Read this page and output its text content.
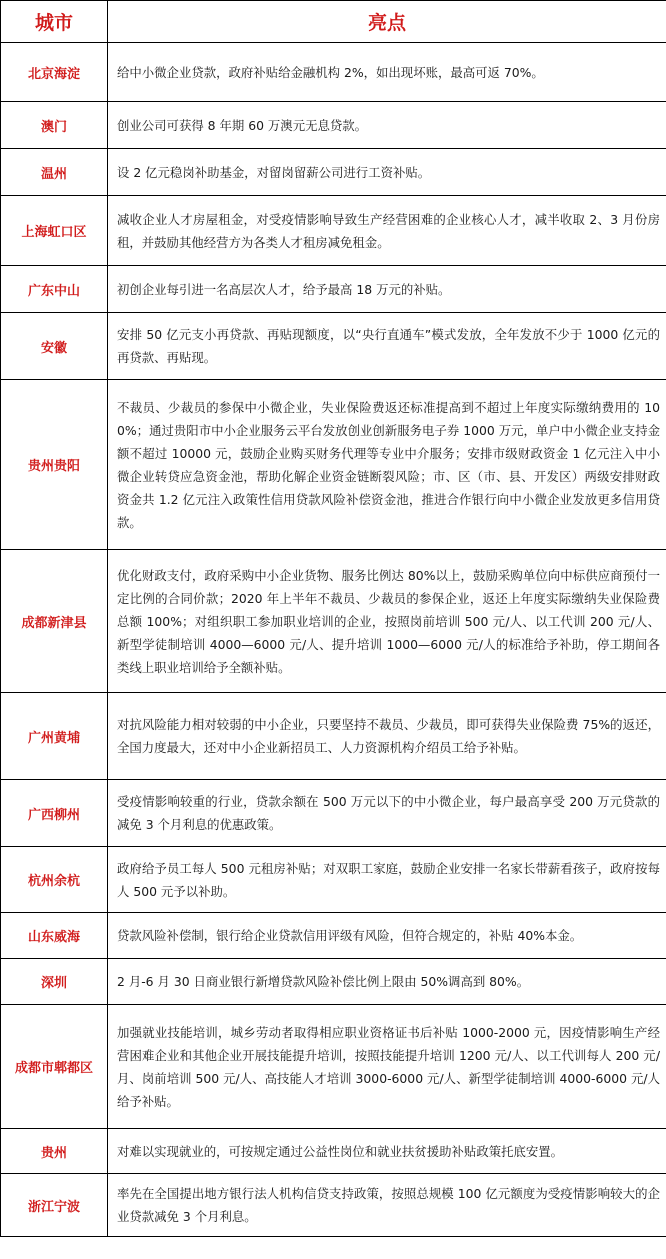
城市	亮点
北京海淀	给中小微企业贷款，政府补贴给金融机构 2%，如出现坏账，最高可返 70%。
澳门	创业公司可获得 8 年期 60 万澳元无息贷款。
温州	设 2 亿元稳岗补助基金，对留岗留薪公司进行工资补贴。
上海虹口区	减收企业人才房屋租金，对受疫情影响导致生产经营困难的企业核心人才，减半收取 2、3 月份房租，并鼓励其他经营方为各类人才租房减免租金。
广东中山	初创企业每引进一名高层次人才，给予最高 18 万元的补贴。
安徽	安排 50 亿元支小再贷款、再贴现额度，以“央行直通车”模式发放，全年发放不少于 1000 亿元的再贷款、再贴现。
贵州贵阳	不裁员、少裁员的参保中小微企业，失业保险费返还标准提高到不超过上年度实际缴纳费用的 100%；通过贵阳市中小企业服务云平台发放创业创新服务电子券 1000 万元，单户中小微企业支持金额不超过 10000 元，鼓励企业购买财务代理等专业中介服务；安排市级财政资金 1 亿元注入中小微企业转贷应急资金池，帮助化解企业资金链断裂风险；市、区（市、县、开发区）两级安排财政资金共 1.2 亿元注入政策性信用贷款风险补偿资金池，推进合作银行向中小微企业发放更多信用贷款。
成都新津县	优化财政支付，政府采购中小企业货物、服务比例达 80%以上，鼓励采购单位向中标供应商预付一定比例的合同价款；2020 年上半年不裁员、少裁员的参保企业，返还上年度实际缴纳失业保险费总额 100%；对组织职工参加职业培训的企业，按照岗前培训 500 元/人、以工代训 200 元/人、新型学徒制培训 4000—6000 元/人、提升培训 1000—6000 元/人的标准给予补助，停工期间各类线上职业培训给予全额补贴。
广州黄埔	对抗风险能力相对较弱的中小企业，只要坚持不裁员、少裁员，即可获得失业保险费 75%的返还，全国力度最大，还对中小企业新招员工、人力资源机构介绍员工给予补贴。
广西柳州	受疫情影响较重的行业，贷款余额在 500 万元以下的中小微企业，每户最高享受 200 万元贷款的减免 3 个月利息的优惠政策。
杭州余杭	政府给予员工每人 500 元租房补贴；对双职工家庭，鼓励企业安排一名家长带薪看孩子，政府按每人 500 元予以补助。
山东威海	贷款风险补偿制，银行给企业贷款信用评级有风险，但符合规定的，补贴 40%本金。
深圳	2 月-6 月 30 日商业银行新增贷款风险补偿比例上限由 50%调高到 80%。
成都市郫都区	加强就业技能培训，城乡劳动者取得相应职业资格证书后补贴 1000-2000 元，因疫情影响生产经营困难企业和其他企业开展技能提升培训，按照技能提升培训 1200 元/人、以工代训每人 200 元/月、岗前培训 500 元/人、高技能人才培训 3000-6000 元/人、新型学徒制培训 4000-6000 元/人给予补贴。
贵州	对难以实现就业的，可按规定通过公益性岗位和就业扶贫援助补贴政策托底安置。
浙江宁波	率先在全国提出地方银行法人机构信贷支持政策，按照总规模 100 亿元额度为受疫情影响较大的企业贷款减免 3 个月利息。
